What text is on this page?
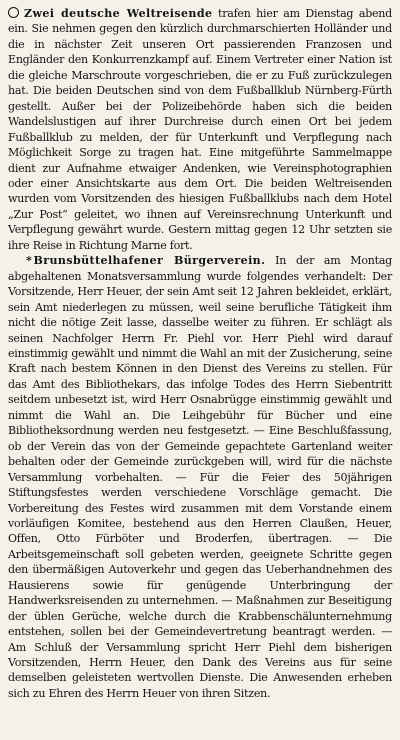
Zwei deutsche Weltreisende trafen hier am Dienstag abend ein. Sie nehmen gegen den kürzlich durchmarschierten Holländer und die in nächster Zeit unseren Ort passierenden Franzosen und Engländer den Konkurrenzkampf auf. Einem Vertreter einer Nation ist die gleiche Marschroute vorgeschrieben, die er zu Fuß zurückzulegen hat. Die beiden Deutschen sind von dem Fußballklub Nürnberg-Fürth gestellt. Außer bei der Polizeibehörde haben sich die beiden Wandelslustigen auf ihrer Durchreise durch einen Ort bei jedem Fußballklub zu melden, der für Unterkunft und Verpflegung nach Möglichkeit Sorge zu tragen hat. Eine mitgeführte Sammelmappe dient zur Aufnahme etwaiger Andenken, wie Vereinsphotographien oder einer Ansichtskarte aus dem Ort. Die beiden Weltreisenden wurden vom Vorsitzenden des hiesigen Fußballklubs nach dem Hotel „Zur Post“ geleitet, wo ihnen auf Vereinsrechnung Unterkunft und Verpflegung gewährt wurde. Gestern mittag gegen 12 Uhr setzten sie ihre Reise in Richtung Marne fort.

* Brunsbüttelhafener Bürgerverein. In der am Montag abgehaltenen Monatsversammlung wurde folgendes verhandelt: Der Vorsitzende, Herr Heuer, der sein Amt seit 12 Jahren bekleidet, erklärt, sein Amt niederlegen zu müssen, weil seine berufliche Tätigkeit ihm nicht die nötige Zeit lasse, dasselbe weiter zu führen. Er schlägt als seinen Nachfolger Herrn Fr. Piehl vor. Herr Piehl wird darauf einstimmig gewählt und nimmt die Wahl an mit der Zusicherung, seine Kraft nach bestem Können in den Dienst des Vereins zu stellen. Für das Amt des Bibliothekars, das infolge Todes des Herrn Siebentritt seitdem unbesetzt ist, wird Herr Osnabrügge einstimmig gewählt und nimmt die Wahl an. Die Leihgebühr für Bücher und eine Bibliotheksordnung werden neu festgesetzt. — Eine Beschlußfassung, ob der Verein das von der Gemeinde gepachtete Gartenland weiter behalten oder der Gemeinde zurückgeben will, wird für die nächste Versammlung vorbehalten. — Für die Feier des 50jährigen Stiftungsfestes werden verschiedene Vorschläge gemacht. Die Vorbereitung des Festes wird zusammen mit dem Vorstande einem vorläufigen Komitee, bestehend aus den Herren Claußen, Heuer, Offen, Otto Fürböter und Broderfen, übertragen. — Die Arbeitsgemeinschaft soll gebeten werden, geeignete Schritte gegen den übermäßigen Autoverkehr und gegen das Ueberhandnehmen des Hausierens sowie für genügende Unterbringung der Handwerksreisenden zu unternehmen. — Maßnahmen zur Beseitigung der üblen Gerüche, welche durch die Krabbenschälunternehmung entstehen, sollen bei der Gemeindevertretung beantragt werden. — Am Schluß der Versammlung spricht Herr Piehl dem bisherigen Vorsitzenden, Herrn Heuer, den Dank des Vereins aus für seine demselben geleisteten wertvollen Dienste. Die Anwesenden erheben sich zu Ehren des Herrn Heuer von ihren Sitzen.
